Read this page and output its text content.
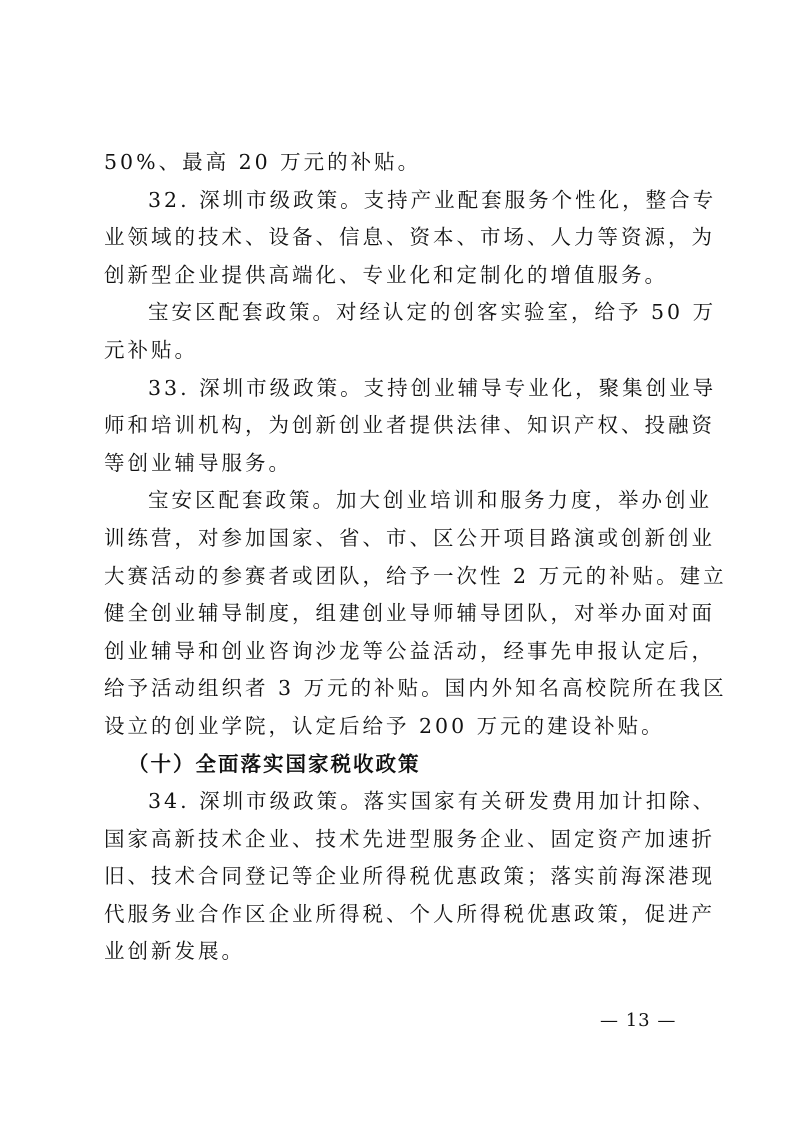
50%、最高 20 万元的补贴。
32. 深圳市级政策。支持产业配套服务个性化，整合专
业领域的技术、设备、信息、资本、市场、人力等资源，为
创新型企业提供高端化、专业化和定制化的增值服务。
宝安区配套政策。对经认定的创客实验室，给予 50 万
元补贴。
33. 深圳市级政策。支持创业辅导专业化，聚集创业导
师和培训机构，为创新创业者提供法律、知识产权、投融资
等创业辅导服务。
宝安区配套政策。加大创业培训和服务力度，举办创业
训练营，对参加国家、省、市、区公开项目路演或创新创业
大赛活动的参赛者或团队，给予一次性 2 万元的补贴。建立
健全创业辅导制度，组建创业导师辅导团队，对举办面对面
创业辅导和创业咨询沙龙等公益活动，经事先申报认定后，
给予活动组织者 3 万元的补贴。国内外知名高校院所在我区
设立的创业学院，认定后给予 200 万元的建设补贴。
（十）全面落实国家税收政策
34. 深圳市级政策。落实国家有关研发费用加计扣除、
国家高新技术企业、技术先进型服务企业、固定资产加速折
旧、技术合同登记等企业所得税优惠政策；落实前海深港现
代服务业合作区企业所得税、个人所得税优惠政策，促进产
业创新发展。
— 13 —
